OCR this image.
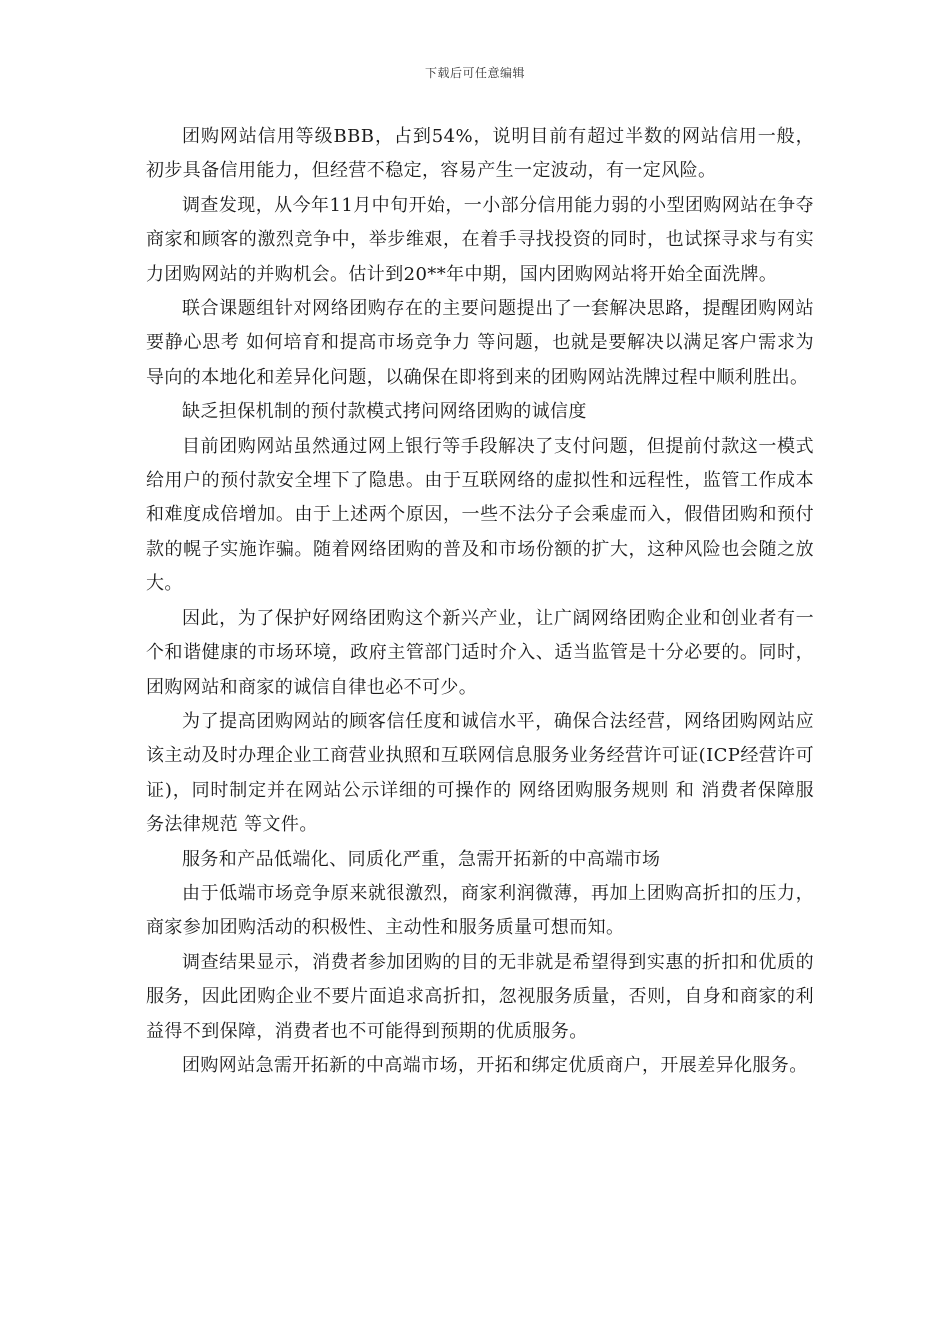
下载后可任意编辑

团购网站信用等级BBB，占到54%，说明目前有超过半数的网站信用一般，初步具备信用能力，但经营不稳定，容易产生一定波动，有一定风险。

调查发现，从今年11月中旬开始，一小部分信用能力弱的小型团购网站在争夺商家和顾客的激烈竞争中，举步维艰，在着手寻找投资的同时，也试探寻求与有实力团购网站的并购机会。估计到20**年中期，国内团购网站将开始全面洗牌。

联合课题组针对网络团购存在的主要问题提出了一套解决思路，提醒团购网站要静心思考 如何培育和提高市场竞争力 等问题，也就是要解决以满足客户需求为导向的本地化和差异化问题，以确保在即将到来的团购网站洗牌过程中顺利胜出。

缺乏担保机制的预付款模式拷问网络团购的诚信度

目前团购网站虽然通过网上银行等手段解决了支付问题，但提前付款这一模式给用户的预付款安全埋下了隐患。由于互联网络的虚拟性和远程性，监管工作成本和难度成倍增加。由于上述两个原因，一些不法分子会乘虚而入，假借团购和预付款的幌子实施诈骗。随着网络团购的普及和市场份额的扩大，这种风险也会随之放大。

因此，为了保护好网络团购这个新兴产业，让广阔网络团购企业和创业者有一个和谐健康的市场环境，政府主管部门适时介入、适当监管是十分必要的。同时，团购网站和商家的诚信自律也必不可少。

为了提高团购网站的顾客信任度和诚信水平，确保合法经营，网络团购网站应该主动及时办理企业工商营业执照和互联网信息服务业务经营许可证(ICP经营许可证)，同时制定并在网站公示详细的可操作的 网络团购服务规则 和 消费者保障服务法律规范 等文件。

服务和产品低端化、同质化严重，急需开拓新的中高端市场

由于低端市场竞争原来就很激烈，商家利润微薄，再加上团购高折扣的压力，商家参加团购活动的积极性、主动性和服务质量可想而知。

调查结果显示，消费者参加团购的目的无非就是希望得到实惠的折扣和优质的服务，因此团购企业不要片面追求高折扣，忽视服务质量，否则，自身和商家的利益得不到保障，消费者也不可能得到预期的优质服务。

团购网站急需开拓新的中高端市场，开拓和绑定优质商户，开展差异化服务。
